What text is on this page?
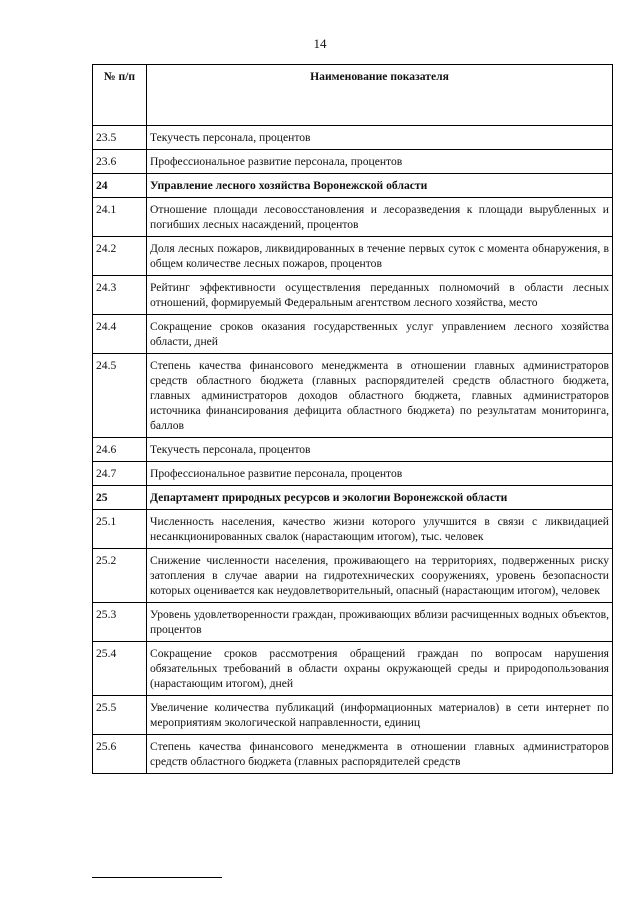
14
№ п/п	Наименование показателя
23.5	Текучесть персонала, процентов
23.6	Профессиональное развитие персонала, процентов
24	Управление лесного хозяйства Воронежской области
24.1	Отношение площади лесовосстановления и лесоразведения к площади вырубленных и погибших лесных насаждений, процентов
24.2	Доля лесных пожаров, ликвидированных в течение первых суток с момента обнаружения, в общем количестве лесных пожаров, процентов
24.3	Рейтинг эффективности осуществления переданных полномочий в области лесных отношений, формируемый Федеральным агентством лесного хозяйства, место
24.4	Сокращение сроков оказания государственных услуг управлением лесного хозяйства области, дней
24.5	Степень качества финансового менеджмента в отношении главных администраторов средств областного бюджета (главных распорядителей средств областного бюджета, главных администраторов доходов областного бюджета, главных администраторов источника финансирования дефицита областного бюджета) по результатам мониторинга, баллов
24.6	Текучесть персонала, процентов
24.7	Профессиональное развитие персонала, процентов
25	Департамент природных ресурсов и экологии Воронежской области
25.1	Численность населения, качество жизни которого улучшится в связи с ликвидацией несанкционированных свалок (нарастающим итогом), тыс. человек
25.2	Снижение численности населения, проживающего на территориях, подверженных риску затопления в случае аварии на гидротехнических сооружениях, уровень безопасности которых оценивается как неудовлетворительный, опасный (нарастающим итогом), человек
25.3	Уровень удовлетворенности граждан, проживающих вблизи расчищенных водных объектов, процентов
25.4	Сокращение сроков рассмотрения обращений граждан по вопросам нарушения обязательных требований в области охраны окружающей среды и природопользования (нарастающим итогом), дней
25.5	Увеличение количества публикаций (информационных материалов) в сети интернет по мероприятиям экологической направленности, единиц
25.6	Степень качества финансового менеджмента в отношении главных администраторов средств областного бюджета (главных распорядителей средств
